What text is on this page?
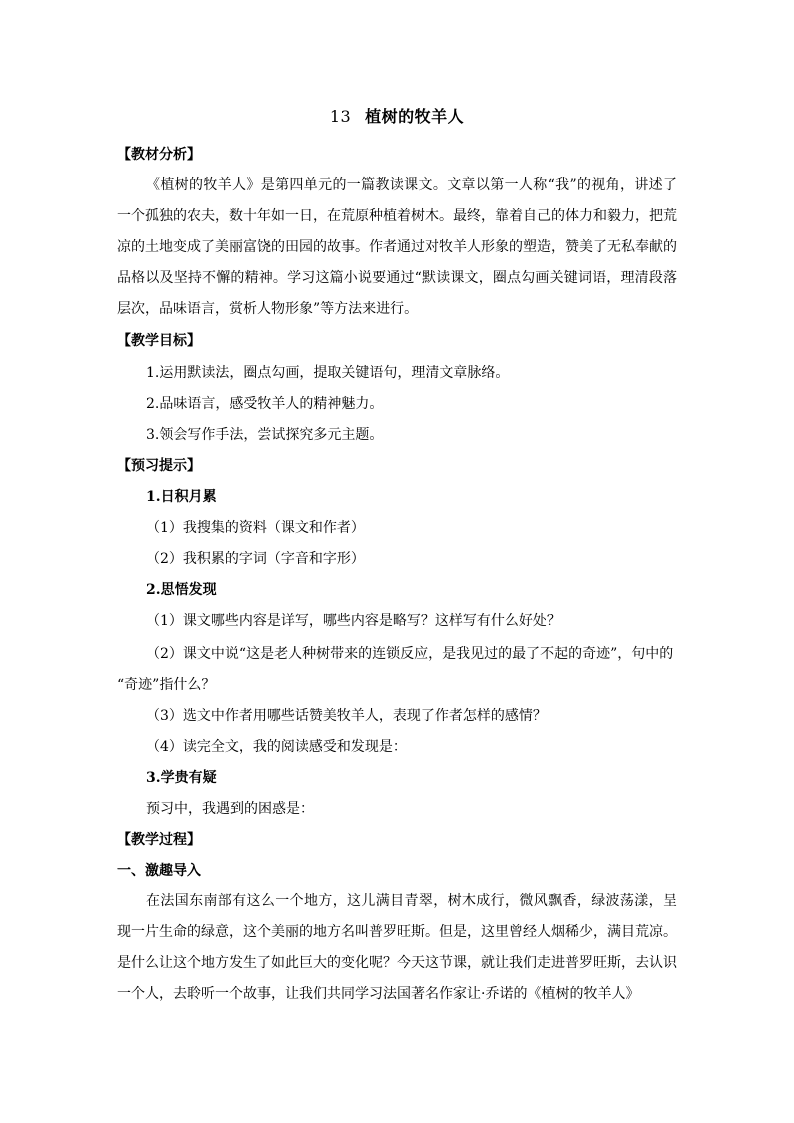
13 植树的牧羊人
【教材分析】
《植树的牧羊人》是第四单元的一篇教读课文。文章以第一人称“我”的视角，讲述了一个孤独的农夫，数十年如一日，在荒原种植着树木。最终，靠着自己的体力和毅力，把荒凉的土地变成了美丽富饶的田园的故事。作者通过对牧羊人形象的塑造，赞美了无私奉献的品格以及坚持不懈的精神。学习这篇小说要通过“默读课文，圈点勾画关键词语，理清段落层次，品味语言，赏析人物形象”等方法来进行。
【教学目标】
1.运用默读法，圈点勾画，提取关键语句，理清文章脉络。
2.品味语言，感受牧羊人的精神魅力。
3.领会写作手法，尝试探究多元主题。
【预习提示】
1.日积月累
（1）我搜集的资料（课文和作者）
（2）我积累的字词（字音和字形）
2.思悟发现
（1）课文哪些内容是详写，哪些内容是略写？这样写有什么好处？
（2）课文中说“这是老人种树带来的连锁反应，是我见过的最了不起的奇迹”，句中的
“奇迹”指什么？
（3）选文中作者用哪些话赞美牧羊人，表现了作者怎样的感情？
（4）读完全文，我的阅读感受和发现是：
3.学贵有疑
预习中，我遇到的困惑是：
【教学过程】
一、激趣导入
在法国东南部有这么一个地方，这儿满目青翠，树木成行，微风飘香，绿波荡漾，呈现一片生命的绿意，这个美丽的地方名叫普罗旺斯。但是，这里曾经人烟稀少，满目荒凉。是什么让这个地方发生了如此巨大的变化呢？今天这节课，就让我们走进普罗旺斯，去认识一个人，去聆听一个故事，让我们共同学习法国著名作家让·乔诺的《植树的牧羊人》
